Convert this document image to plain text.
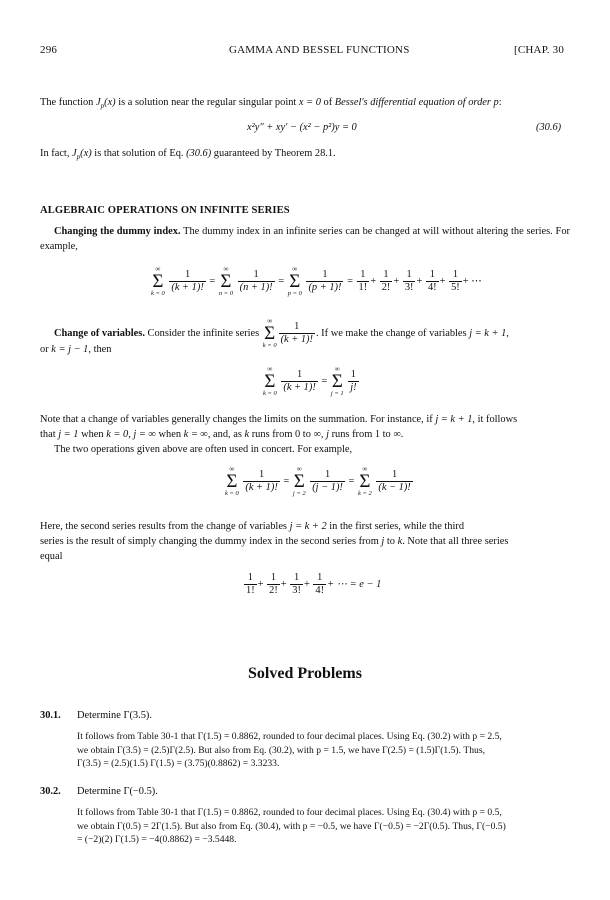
296	GAMMA AND BESSEL FUNCTIONS	[CHAP. 30
The function $J_p(x)$ is a solution near the regular singular point x = 0 of Bessel's differential equation of order p:
x²y″ + xy′ − (x² − p²)y = 0	(30.6)
In fact, $J_p(x)$ is that solution of Eq. (30.6) guaranteed by Theorem 28.1.
ALGEBRAIC OPERATIONS ON INFINITE SERIES
Changing the dummy index. The dummy index in an infinite series can be changed at will without altering the series. For example,
∞
Σ
k = 0
$\frac{1}{(k + 1)!}$ =
∞
Σ
n = 0
$\frac{1}{(n + 1)!}$ =
∞
Σ
p = 0
$\frac{1}{(p + 1)!} = \frac{1}{1!} + \frac{1}{2!} + \frac{1}{3!} + \frac{1}{4!} + \frac{1}{5!}$ + ⋯
Change of variables. Consider the infinite series
∞
Σ
$k = 0 \frac{1}{(k + 1)!}$ . If we make the change of variables j = k + 1,
or k = j − 1, then
∞
Σ
k = 0
$\frac{1}{(k + 1)!}$ =
∞
Σ
j = 1
$\frac{1}{j!}$
Note that a change of variables generally changes the limits on the summation. For instance, if j = k + 1, it follows
that j = 1 when k = 0, j = ∞ when k = ∞, and, as k runs from 0 to ∞, j runs from 1 to ∞.
The two operations given above are often used in concert. For example,
∞
Σ
k = 0
$\frac{1}{(k + 1)!}$ =
∞
Σ
j = 2
$\frac{1}{(j - 1)!}$ =
∞
Σ
k = 2
$\frac{1}{(k - 1)!}$
Here, the second series results from the change of variables j = k + 2 in the first series, while the third
series is the result of simply changing the dummy index in the second series from j to k. Note that all three series
equal
$\frac{1}{1!} + \frac{1}{2!} + \frac{1}{3!} + \frac{1}{4!}$ + ⋯ = e − 1
Solved Problems
30.1. Determine Γ(3.5).
It follows from Table 30-1 that Γ(1.5) = 0.8862, rounded to four decimal places. Using Eq. (30.2) with p = 2.5,
we obtain Γ(3.5) = (2.5)Γ(2.5). But also from Eq. (30.2), with p = 1.5, we have Γ(2.5) = (1.5)Γ(1.5). Thus,
Γ(3.5) = (2.5)(1.5) Γ(1.5) = (3.75)(0.8862) = 3.3233.
30.2. Determine Γ(−0.5).
It follows from Table 30-1 that Γ(1.5) = 0.8862, rounded to four decimal places. Using Eq. (30.4) with p = 0.5,
we obtain Γ(0.5) = 2Γ(1.5). But also from Eq. (30.4), with p = −0.5, we have Γ(−0.5) = −2Γ(0.5). Thus, Γ(−0.5)
= (−2)(2) Γ(1.5) = −4(0.8862) = −3.5448.
